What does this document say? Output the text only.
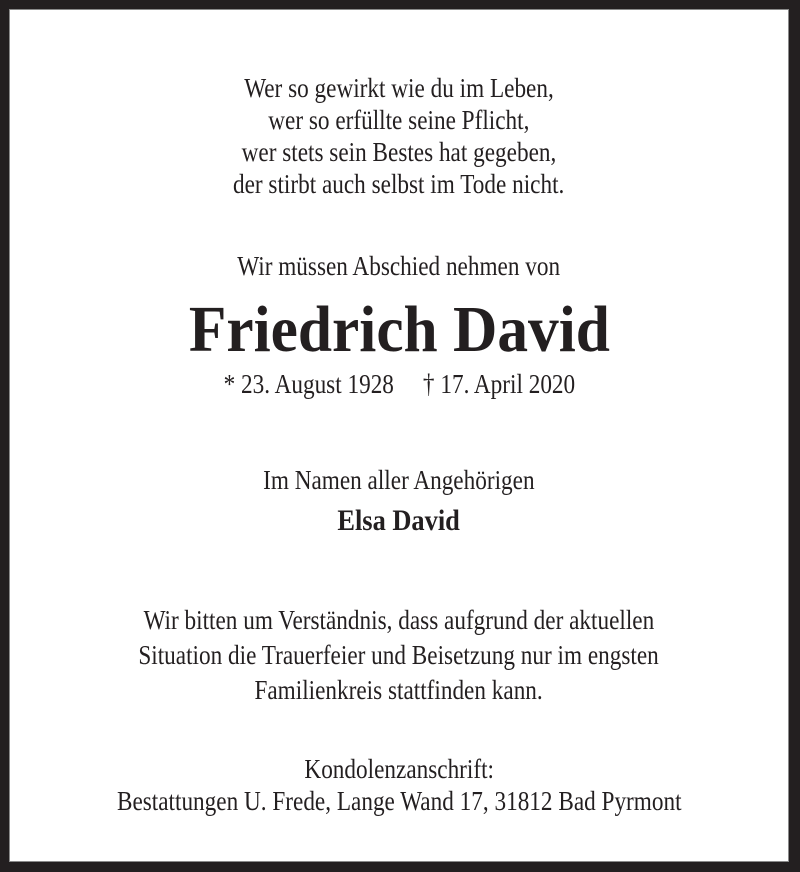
Wer so gewirkt wie du im Leben,
wer so erfüllte seine Pflicht,
wer stets sein Bestes hat gegeben,
der stirbt auch selbst im Tode nicht.
Wir müssen Abschied nehmen von
Friedrich David
* 23. August 1928     † 17. April 2020
Im Namen aller Angehörigen
Elsa David
Wir bitten um Verständnis, dass aufgrund der aktuellen
Situation die Trauerfeier und Beisetzung nur im engsten
Familienkreis stattfinden kann.
Kondolenzanschrift:
Bestattungen U. Frede, Lange Wand 17, 31812 Bad Pyrmont
